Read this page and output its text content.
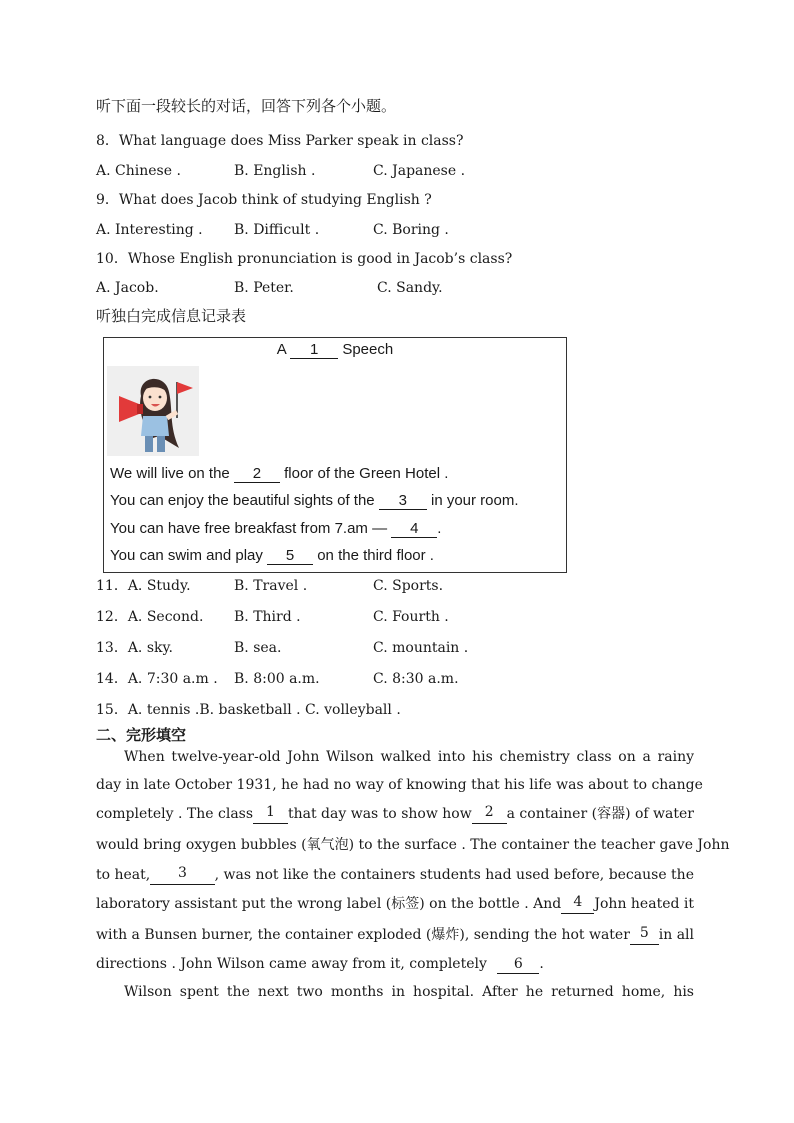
听下面一段较长的对话，回答下列各个小题。
8．What language does Miss Parker speak in class?
A. Chinese .	B. English .	C. Japanese .
9．What does Jacob think of studying English ?
A. Interesting . B. Difficult .	C. Boring .
10．Whose English pronunciation is good in Jacob’s class?
A. Jacob.	B. Peter.	C. Sandy.
听独白完成信息记录表
A 1 Speech
We will live on the 2 floor of the Green Hotel .
You can enjoy the beautiful sights of the 3 in your room.
You can have free breakfast from 7.am — 4 .
You can swim and play 5 on the third floor .
11．A. Study.	B. Travel .	C. Sports.
12．A. Second. B. Third .	C. Fourth .
13．A. sky.	B. sea.	C. mountain .
14．A. 7:30 a.m . B. 8:00 a.m.	C. 8:30 a.m.
15．A. tennis .B. basketball . C. volleyball .
二、完形填空
When twelve-year-old John Wilson walked into his chemistry class on a rainy
day in late October 1931, he had no way of knowing that his life was about to change
completely . The class 1 that day was to show how 2 a container (容器) of water
would bring oxygen bubbles (氧气泡) to the surface . The container the teacher gave John
to heat,	3	, was not like the containers students had used before, because the
laboratory assistant put the wrong label (标签) on the bottle . And 4 John heated it
with a Bunsen burner, the container exploded (爆炸), sending the hot water 5 in all
directions . John Wilson came away from it, completely 6 .
Wilson spent the next two months in hospital. After he returned home, his
